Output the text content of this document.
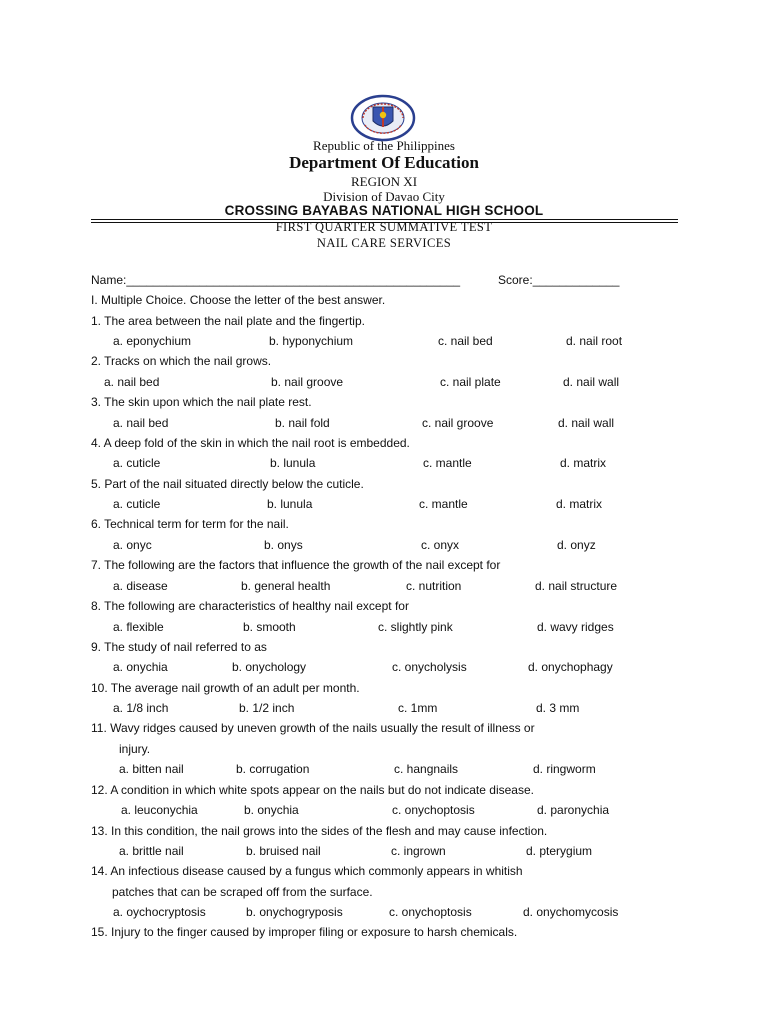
Republic of the Philippines
Department Of Education
REGION XI
Division of Davao City
CROSSING BAYABAS NATIONAL HIGH SCHOOL
FIRST QUARTER SUMMATIVE TEST
NAIL CARE SERVICES
Name:__________________________________________________	Score:_____________
I. Multiple Choice. Choose the letter of the best answer.
1. The area between the nail plate and the fingertip.
a. eponychium	b. hyponychium	c. nail bed	d. nail root
2. Tracks on which the nail grows.
a. nail bed	b. nail groove	c. nail plate	d. nail wall
3. The skin upon which the nail plate rest.
a. nail bed	b. nail fold	c. nail groove	d. nail wall
4. A deep fold of the skin in which the nail root is embedded.
a. cuticle	b. lunula	c. mantle	d. matrix
5. Part of the nail situated directly below the cuticle.
a. cuticle	b. lunula	c. mantle	d. matrix
6. Technical term for term for the nail.
a. onyc	b. onys	c. onyx	d. onyz
7. The following are the factors that influence the growth of the nail except for
a. disease	b. general health	c. nutrition	d. nail structure
8. The following are characteristics of healthy nail except for
a. flexible	b. smooth	c. slightly pink	d. wavy ridges
9. The study of nail referred to as
a. onychia	b. onychology	c. onycholysis	d. onychophagy
10. The average nail growth of an adult per month.
a. 1/8 inch	b. 1/2 inch	c. 1mm	d. 3 mm
11. Wavy ridges caused by uneven growth of the nails usually the result of illness or
injury.
a. bitten nail	b. corrugation	c. hangnails	d. ringworm
12. A condition in which white spots appear on the nails but do not indicate disease.
a. leuconychia	b. onychia	c. onychoptosis	d. paronychia
13. In this condition, the nail grows into the sides of the flesh and may cause infection.
a. brittle nail	b. bruised nail	c. ingrown	d. pterygium
14. An infectious disease caused by a fungus which commonly appears in whitish
patches that can be scraped off from the surface.
a. oychocryptosis	b. onychogryposis	c. onychoptosis	d. onychomycosis
15. Injury to the finger caused by improper filing or exposure to harsh chemicals.
